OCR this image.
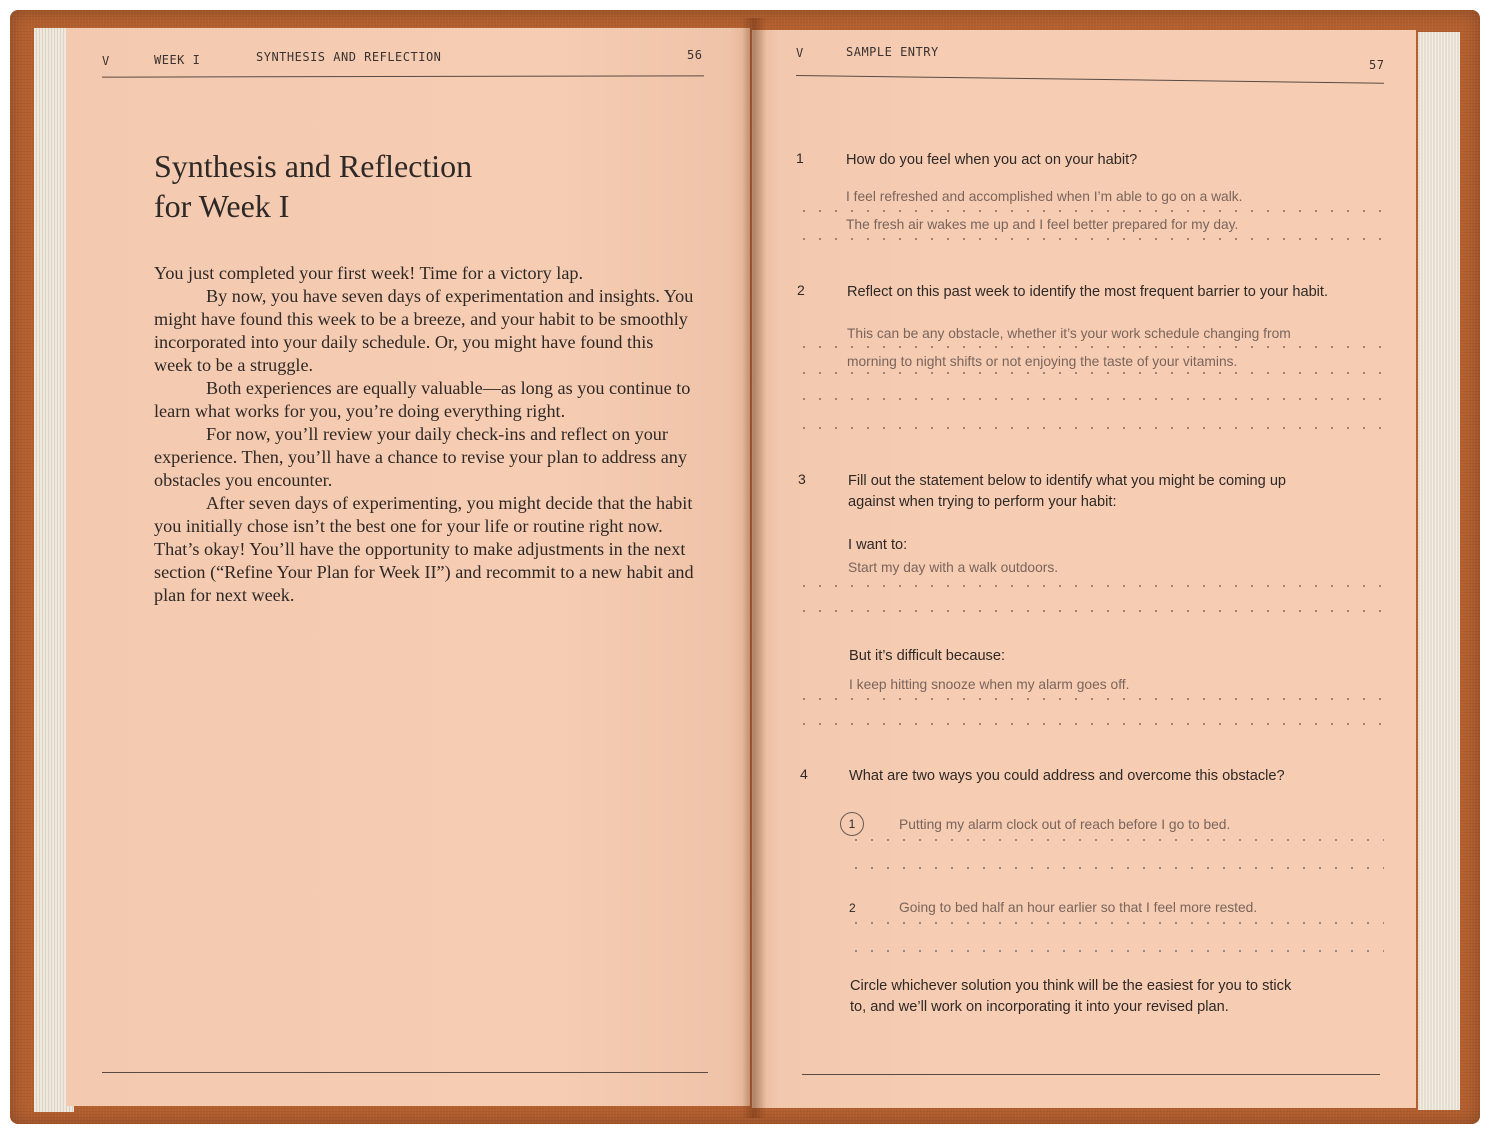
V	WEEK I	SYNTHESIS AND REFLECTION	56
Synthesis and Reflection
for Week I

You just completed your first week! Time for a victory lap.

By now, you have seven days of experimentation and insights. You might have found this week to be a breeze, and your habit to be smoothly incorporated into your daily schedule. Or, you might have found this week to be a struggle.

Both experiences are equally valuable—as long as you continue to learn what works for you, you’re doing everything right.

For now, you’ll review your daily check-ins and reflect on your experience. Then, you’ll have a chance to revise your plan to address any obstacles you encounter.

After seven days of experimenting, you might decide that the habit you initially chose isn’t the best one for your life or routine right now. That’s okay! You’ll have the opportunity to make adjustments in the next section (“Refine Your Plan for Week II”) and recommit to a new habit and plan for next week.

V	SAMPLE ENTRY
57
1	How do you feel when you act on your habit?
I feel refreshed and accomplished when I’m able to go on a walk.
The fresh air wakes me up and I feel better prepared for my day.
2	Reflect on this past week to identify the most frequent barrier to your habit.
This can be any obstacle, whether it’s your work schedule changing from
morning to night shifts or not enjoying the taste of your vitamins.
3	Fill out the statement below to identify what you might be coming up
against when trying to perform your habit:
I want to:
Start my day with a walk outdoors.
But it’s difficult because:
I keep hitting snooze when my alarm goes off.
4	What are two ways you could address and overcome this obstacle?
1	Putting my alarm clock out of reach before I go to bed.
2	Going to bed half an hour earlier so that I feel more rested.
Circle whichever solution you think will be the easiest for you to stick
to, and we’ll work on incorporating it into your revised plan.
